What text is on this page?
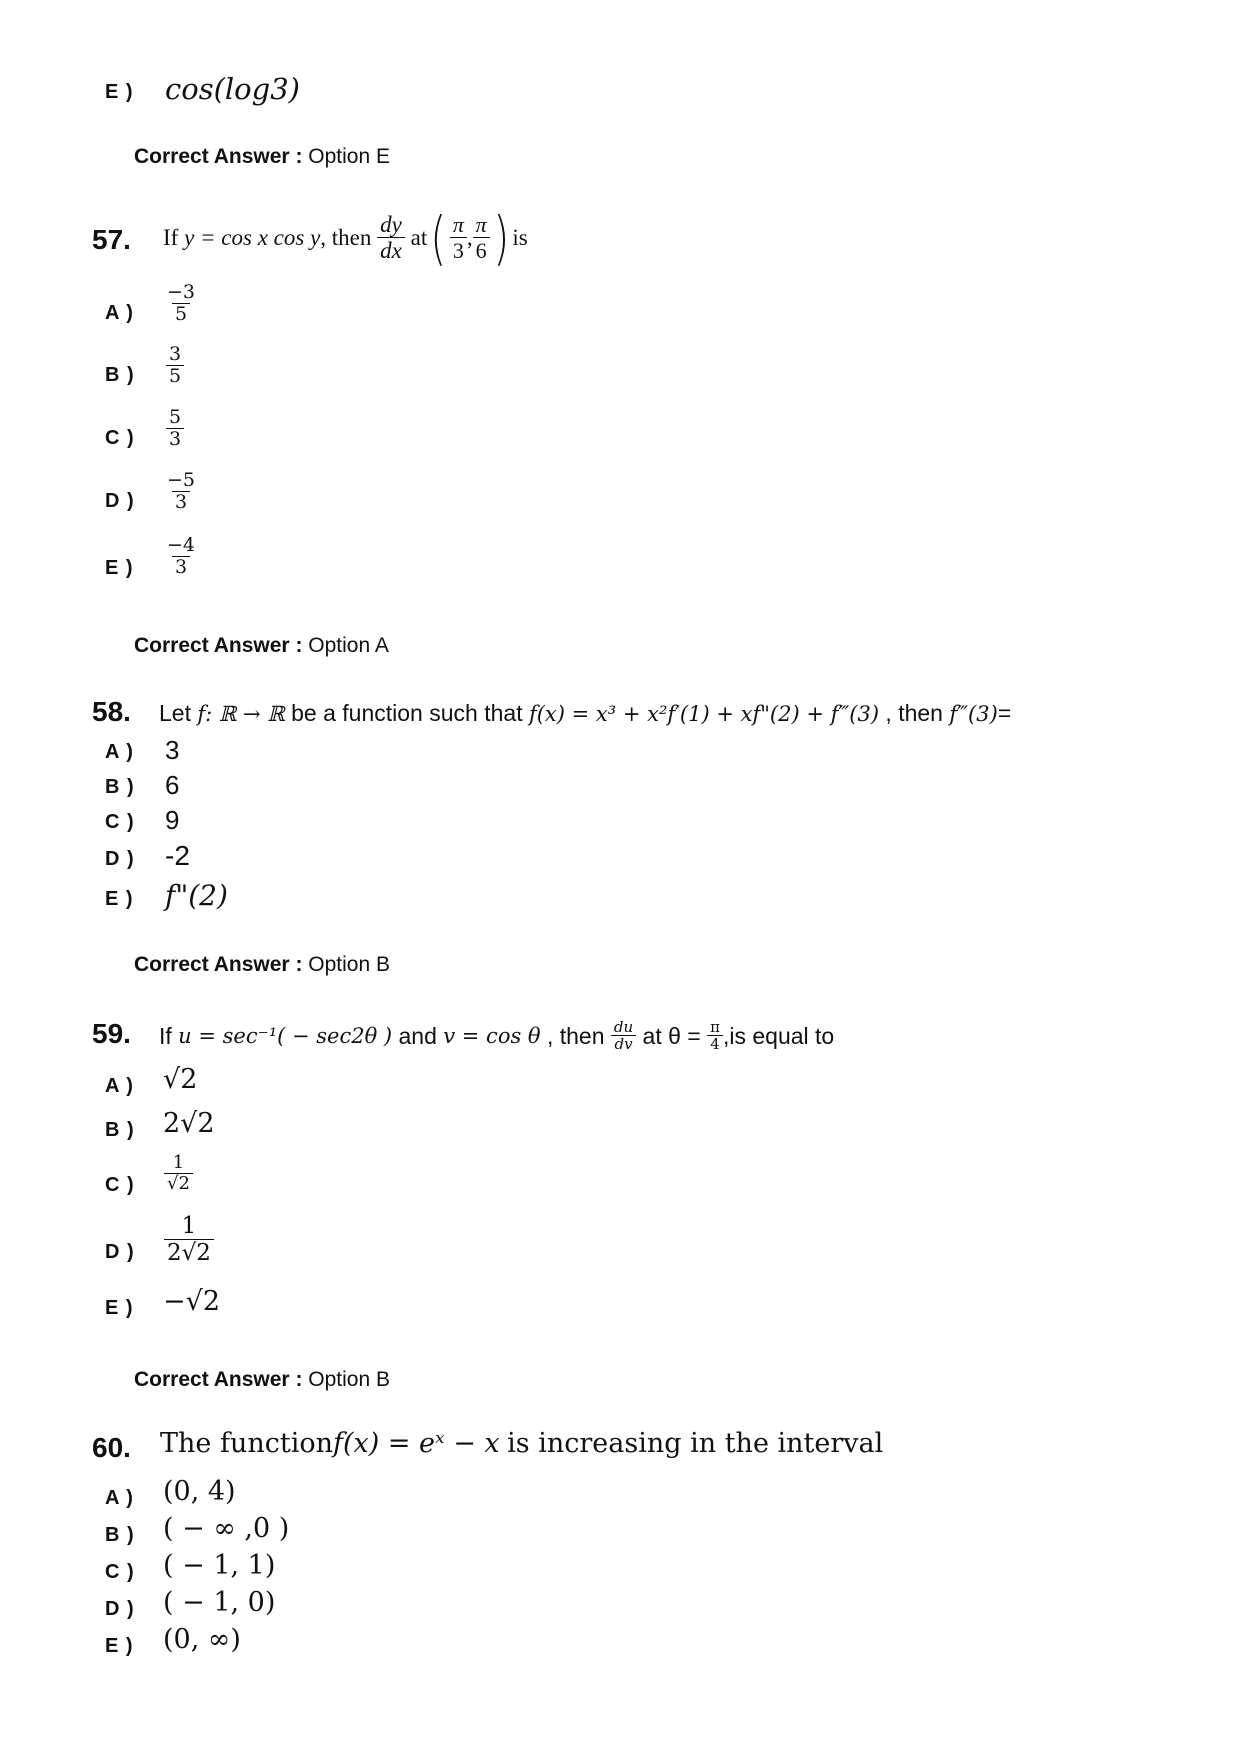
E ) cos(log3)
Correct Answer : Option E
57. If
y = cos x cos y , then
$\frac{dy}{dx}$
at ( $\frac{\pi}{3}$ , $\frac{\pi}{6}$ ) is
A ) $\frac{-3}{5}$
B ) $\frac{3}{5}$
C ) $\frac{5}{3}$
D ) $\frac{-5}{3}$
E ) $\frac{-4}{3}$
Correct Answer : Option A
58. Let f: ℝ → ℝ be a function such that f(x) = x³ + x²f′(1) + xf"(2) + f‴(3) , then f‴(3)=
A ) 3
B ) 6
C ) 9
D ) -2
E ) f"(2)
Correct Answer : Option B
59. If
u = sec⁻¹( − sec2θ )
and
v = cos θ
, then
$\frac{du}{dv}$
at θ =
$\frac{\pi}{4} ,is$ equal to
A ) √2
B ) 2√2
C ) $\frac{1}{√2}$
D ) $\frac{1}{2√2}$
E ) −√2
Correct Answer : Option B
60. The functionf(x) = eˣ − x is increasing in the interval
A ) (0, 4)
B ) ( − ∞ ,0 )
C ) ( − 1, 1)
D ) ( − 1, 0)
E ) (0, ∞)
